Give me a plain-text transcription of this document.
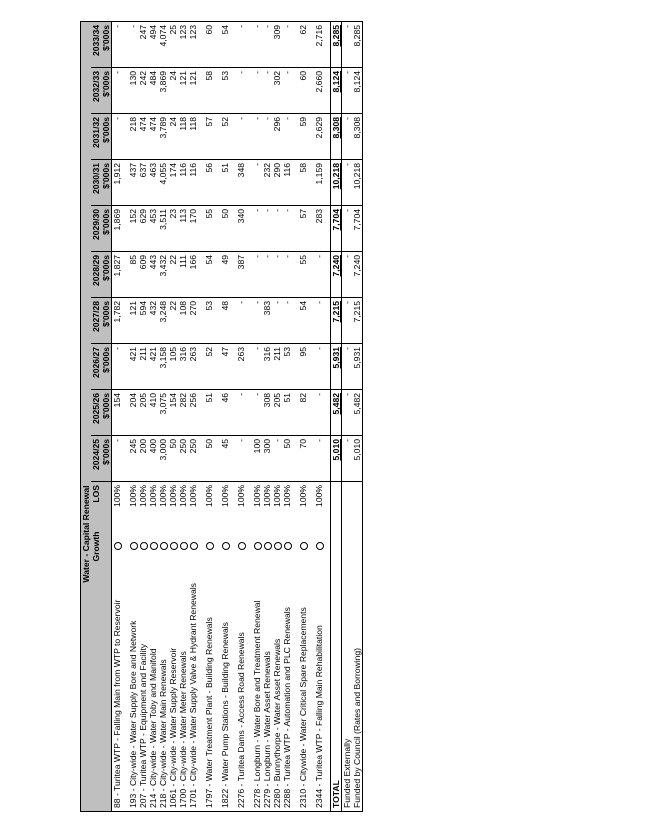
Water - Capital Renewal												
	Growth	LOS	2024/25	2025/26	2026/27	2027/28	2028/29	2029/30	2030/31	2031/32	2032/33	2033/34
			$'000s	$'000s	$'000s	$'000s	$'000s	$'000s	$'000s	$'000s	$'000s	$'000s
88 - Turitea WTP - Falling Main from WTP to Reservoir		100%	-	154	-	1,782	1,827	1,869	1,912	-	-	-

193 - City-wide - Water Supply Bore and Network		100%	245	204	421	121	85	152	437	218	130	-
207 - Turitea WTP - Equipment and Facility		100%	200	205	211	594	609	629	637	474	242	247
214 - City-wide - Water Toby and Manifold		100%	400	410	421	432	443	453	463	474	484	494
218 - City-wide - Water Main Renewals		100%	3,000	3,075	3,158	3,248	3,432	3,511	4,055	3,789	3,869	4,074
1061 - City-wide - Water Supply Reservoir		100%	50	154	105	22	22	23	174	24	24	25
1700 - City-wide - Water Meter Renewals		100%	250	282	316	108	111	113	116	118	121	123
1701 - City-wide - Water Supply Valve & Hydrant Renewals		100%	250	256	263	270	166	170	116	118	121	123

1797 - Water Treatment Plant - Building Renewals		100%	50	51	52	53	54	55	56	57	58	60

1822 - Water Pump Stations - Building Renewals		100%	45	46	47	48	49	50	51	52	53	54

2276 - Turitea Dams - Access Road Renewals		100%	-	-	263	-	387	340	348	-	-	-

2278 - Longburn - Water Bore and Treatment Renewal		100%	100	-	-	-	-	-	-	-	-	-
2279 - Longburn - Water Asset Renewals		100%	300	308	316	383	-	-	232	-	-	-
2280 - Bunnythorpe - Water Asset Renewals		100%	-	205	211	-	-	-	290	296	302	309
2288 - Turitea WTP - Automation and PLC Renewals		100%	50	51	53	-	-	-	116	-	-	-

2310 - Citywide - Water Critical Spare Replacements		100%	70	82	95	54	55	57	58	59	60	62

2344 - Turitea WTP - Falling Main Rehabilitation		100%	-	-	-	-	-	283	1,159	2,629	2,660	2,716

TOTAL			5,010	5,482	5,931	7,215	7,240	7,704	10,218	8,308	8,124	8,285
Funded Externally			-	-	-	-	-	-	-	-	-	-
Funded by Council (Rates and Borrowing)			5,010	5,482	5,931	7,215	7,240	7,704	10,218	8,308	8,124	8,285
